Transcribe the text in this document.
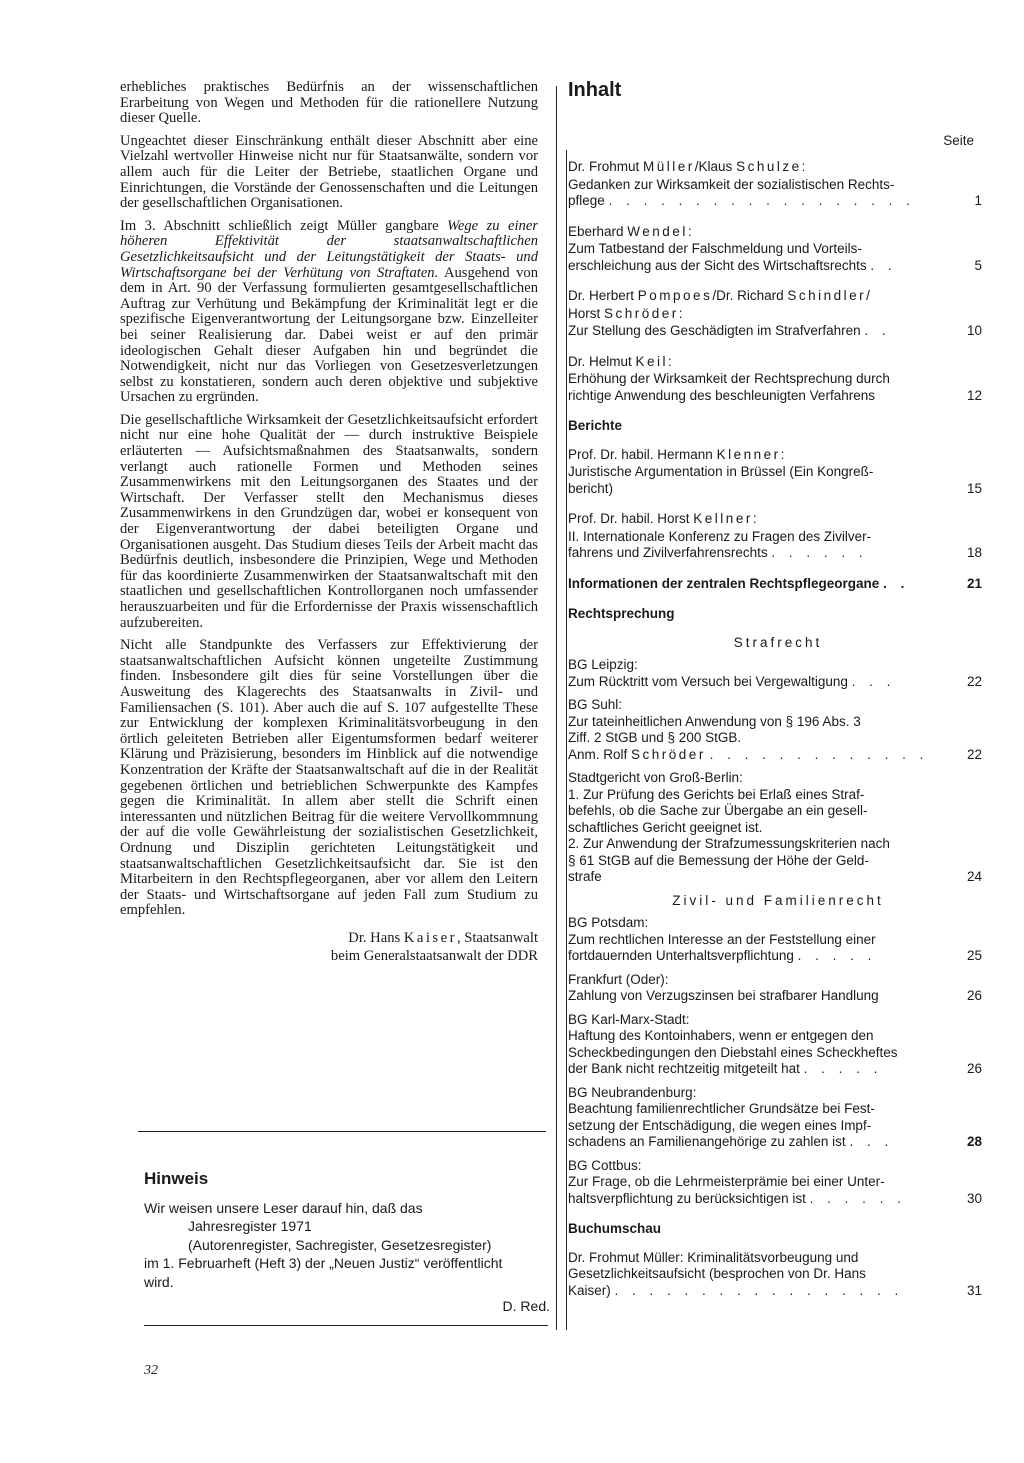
erhebliches praktisches Bedürfnis an der wissenschaftlichen Erarbeitung von Wegen und Methoden für die rationellere Nutzung dieser Quelle.

Ungeachtet dieser Einschränkung enthält dieser Abschnitt aber eine Vielzahl wertvoller Hinweise nicht nur für Staatsanwälte, sondern vor allem auch für die Leiter der Betriebe, staatlichen Organe und Einrichtungen, die Vorstände der Genossenschaften und die Leitungen der gesellschaftlichen Organisationen.

Im 3. Abschnitt schließlich zeigt Müller gangbare Wege zu einer höheren Effektivität der staatsanwaltschaftlichen Gesetzlichkeitsaufsicht und der Leitungstätigkeit der Staats- und Wirtschaftsorgane bei der Verhütung von Straftaten. Ausgehend von dem in Art. 90 der Verfassung formulierten gesamtgesellschaftlichen Auftrag zur Verhütung und Bekämpfung der Kriminalität legt er die spezifische Eigenverantwortung der Leitungsorgane bzw. Einzelleiter bei seiner Realisierung dar. Dabei weist er auf den primär ideologischen Gehalt dieser Aufgaben hin und begründet die Notwendigkeit, nicht nur das Vorliegen von Gesetzesverletzungen selbst zu konstatieren, sondern auch deren objektive und subjektive Ursachen zu ergründen.

Die gesellschaftliche Wirksamkeit der Gesetzlichkeitsaufsicht erfordert nicht nur eine hohe Qualität der — durch instruktive Beispiele erläuterten — Aufsichtsmaßnahmen des Staatsanwalts, sondern verlangt auch rationelle Formen und Methoden seines Zusammenwirkens mit den Leitungsorganen des Staates und der Wirtschaft. Der Verfasser stellt den Mechanismus dieses Zusammenwirkens in den Grundzügen dar, wobei er konsequent von der Eigenverantwortung der dabei beteiligten Organe und Organisationen ausgeht. Das Studium dieses Teils der Arbeit macht das Bedürfnis deutlich, insbesondere die Prinzipien, Wege und Methoden für das koordinierte Zusammenwirken der Staatsanwaltschaft mit den staatlichen und gesellschaftlichen Kontrollorganen noch umfassender herauszuarbeiten und für die Erfordernisse der Praxis wissenschaftlich aufzubereiten.

Nicht alle Standpunkte des Verfassers zur Effektivierung der staatsanwaltschaftlichen Aufsicht können ungeteilte Zustimmung finden. Insbesondere gilt dies für seine Vorstellungen über die Ausweitung des Klagerechts des Staatsanwalts in Zivil- und Familiensachen (S. 101). Aber auch die auf S. 107 aufgestellte These zur Entwicklung der komplexen Kriminalitätsvorbeugung in den örtlich geleiteten Betrieben aller Eigentumsformen bedarf weiterer Klärung und Präzisierung, besonders im Hinblick auf die notwendige Konzentration der Kräfte der Staatsanwaltschaft auf die in der Realität gegebenen örtlichen und betrieblichen Schwerpunkte des Kampfes gegen die Kriminalität. In allem aber stellt die Schrift einen interessanten und nützlichen Beitrag für die weitere Vervollkommnung der auf die volle Gewährleistung der sozialistischen Gesetzlichkeit, Ordnung und Disziplin gerichteten Leitungstätigkeit und staatsanwaltschaftlichen Gesetzlichkeitsaufsicht dar. Sie ist den Mitarbeitern in den Rechtspflegeorganen, aber vor allem den Leitern der Staats- und Wirtschaftsorgane auf jeden Fall zum Studium zu empfehlen.

Dr. Hans Kaiser, Staatsanwalt
beim Generalstaatsanwalt der DDR
Hinweis
Wir weisen unsere Leser darauf hin, daß das
Jahresregister 1971
(Autorenregister, Sachregister, Gesetzesregister)
im 1. Februarheft (Heft 3) der „Neuen Justiz“ veröffentlicht
wird.
D. Red.
32
Inhalt
Seite
Dr. Frohmut Müller/Klaus Schulze:
Gedanken zur Wirksamkeit der sozialistischen Rechts-
pflege . . . . . . . . . . . . . . . . . .	1
Eberhard Wendel:
Zum Tatbestand der Falschmeldung und Vorteils-
erschleichung aus der Sicht des Wirtschaftsrechts . .	5
Dr. Herbert Pompoes/Dr. Richard Schindler/
Horst Schröder:
Zur Stellung des Geschädigten im Strafverfahren . .	10
Dr. Helmut Keil:
Erhöhung der Wirksamkeit der Rechtsprechung durch
richtige Anwendung des beschleunigten Verfahrens	12
Berichte
Prof. Dr. habil. Hermann Klenner:
Juristische Argumentation in Brüssel (Ein Kongreß-
bericht)	15
Prof. Dr. habil. Horst Kellner:
II. Internationale Konferenz zu Fragen des Zivilver-
fahrens und Zivilverfahrensrechts . . . . . .	18
Informationen der zentralen Rechtspflegeorgane . .	21
Rechtsprechung
Strafrecht
BG Leipzig:
Zum Rücktritt vom Versuch bei Vergewaltigung . . .	22
BG Suhl:
Zur tateinheitlichen Anwendung von § 196 Abs. 3
Ziff. 2 StGB und § 200 StGB.
Anm. Rolf Schröder . . . . . . . . . . . . .	22
Stadtgericht von Groß-Berlin:
1. Zur Prüfung des Gerichts bei Erlaß eines Straf-
befehls, ob die Sache zur Übergabe an ein gesell-
schaftliches Gericht geeignet ist.
2. Zur Anwendung der Strafzumessungskriterien nach
§ 61 StGB auf die Bemessung der Höhe der Geld-
strafe	24
Zivil- und Familienrecht
BG Potsdam:
Zum rechtlichen Interesse an der Feststellung einer
fortdauernden Unterhaltsverpflichtung . . . . .	25
Frankfurt (Oder):
Zahlung von Verzugszinsen bei strafbarer Handlung	26
BG Karl-Marx-Stadt:
Haftung des Kontoinhabers, wenn er entgegen den
Scheckbedingungen den Diebstahl eines Scheckheftes
der Bank nicht rechtzeitig mitgeteilt hat . . . . .	26
BG Neubrandenburg:
Beachtung familienrechtlicher Grundsätze bei Fest-
setzung der Entschädigung, die wegen eines Impf-
schadens an Familienangehörige zu zahlen ist . . .	28
BG Cottbus:
Zur Frage, ob die Lehrmeisterprämie bei einer Unter-
haltsverpflichtung zu berücksichtigen ist . . . . . .	30
Buchumschau
Dr. Frohmut Müller: Kriminalitätsvorbeugung und
Gesetzlichkeitsaufsicht (besprochen von Dr. Hans
Kaiser) . . . . . . . . . . . . . . . . .	31
